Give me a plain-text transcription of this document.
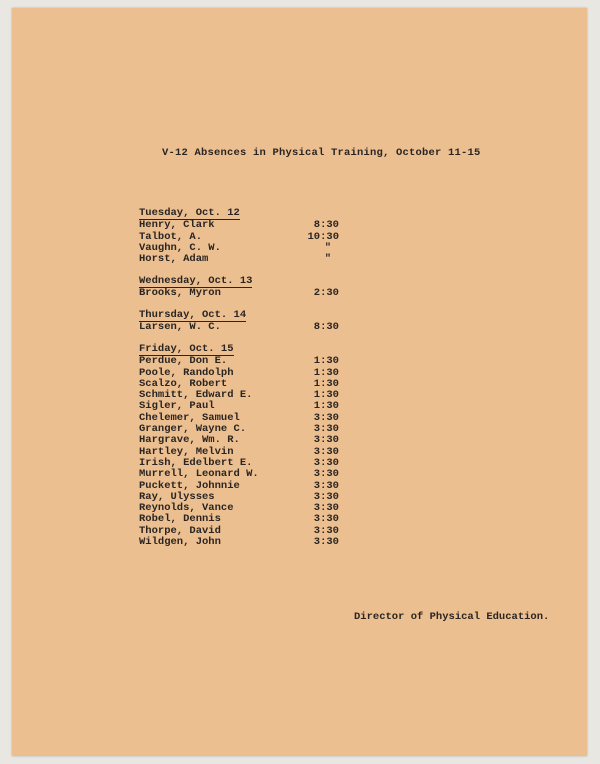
V-12 Absences in Physical Training, October 11-15
Tuesday, Oct. 12
Henry, Clark	8:30
Talbot, A.	10:30
Vaughn, C. W.	"
Horst, Adam	"
Wednesday, Oct. 13
Brooks, Myron	2:30
Thursday, Oct. 14
Larsen, W. C.	8:30
Friday, Oct. 15
Perdue, Don E.	1:30
Poole, Randolph	1:30
Scalzo, Robert	1:30
Schmitt, Edward E.	1:30
Sigler, Paul	1:30
Chelemer, Samuel	3:30
Granger, Wayne C.	3:30
Hargrave, Wm. R.	3:30
Hartley, Melvin	3:30
Irish, Edelbert E.	3:30
Murrell, Leonard W.	3:30
Puckett, Johnnie	3:30
Ray, Ulysses	3:30
Reynolds, Vance	3:30
Robel, Dennis	3:30
Thorpe, David	3:30
Wildgen, John	3:30
Director of Physical Education.
